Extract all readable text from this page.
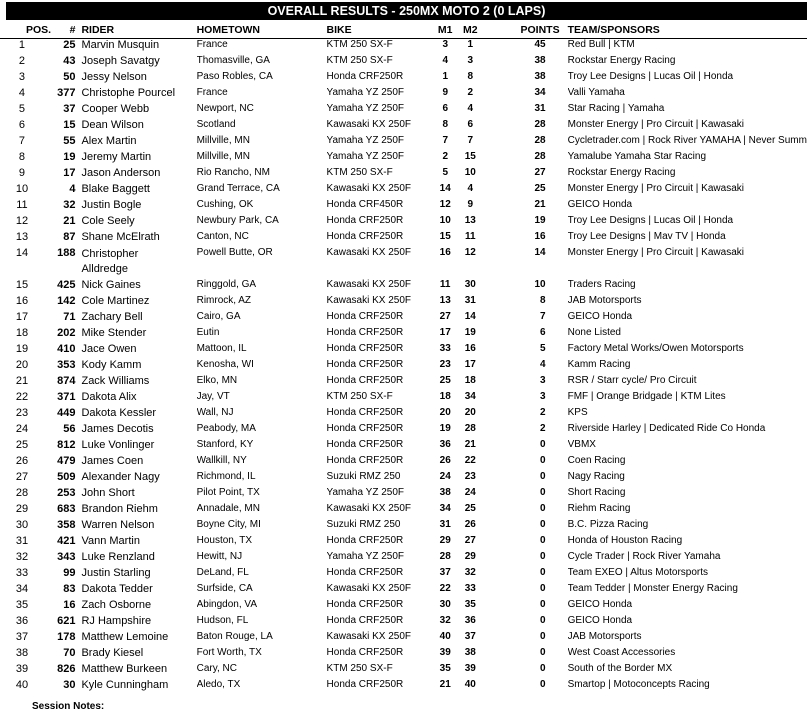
OVERALL RESULTS - 250MX MOTO 2 (0 LAPS)
POS.	#	RIDER	HOMETOWN	BIKE	M1	M2	POINTS	TEAM/SPONSORS
1	25	Marvin Musquin	France	KTM 250 SX-F	3	1	45	Red Bull | KTM
2	43	Joseph Savatgy	Thomasville, GA	KTM 250 SX-F	4	3	38	Rockstar Energy Racing
3	50	Jessy Nelson	Paso Robles, CA	Honda CRF250R	1	8	38	Troy Lee Designs | Lucas Oil | Honda
4	377	Christophe Pourcel	France	Yamaha YZ 250F	9	2	34	Valli Yamaha
5	37	Cooper Webb	Newport, NC	Yamaha YZ 250F	6	4	31	Star Racing | Yamaha
6	15	Dean Wilson	Scotland	Kawasaki KX 250F	8	6	28	Monster Energy | Pro Circuit | Kawasaki
7	55	Alex Martin	Millville, MN	Yamaha YZ 250F	7	7	28	Cycletrader.com | Rock River YAMAHA | Never Summ
8	19	Jeremy Martin	Millville, MN	Yamaha YZ 250F	2	15	28	Yamalube Yamaha Star Racing
9	17	Jason Anderson	Rio Rancho, NM	KTM 250 SX-F	5	10	27	Rockstar Energy Racing
10	4	Blake Baggett	Grand Terrace, CA	Kawasaki KX 250F	14	4	25	Monster Energy | Pro Circuit | Kawasaki
11	32	Justin Bogle	Cushing, OK	Honda CRF450R	12	9	21	GEICO Honda
12	21	Cole Seely	Newbury Park, CA	Honda CRF250R	10	13	19	Troy Lee Designs | Lucas Oil | Honda
13	87	Shane McElrath	Canton, NC	Honda CRF250R	15	11	16	Troy Lee Designs | Mav TV | Honda
14	188	Christopher Alldredge	Powell Butte, OR	Kawasaki KX 250F	16	12	14	Monster Energy | Pro Circuit | Kawasaki
15	425	Nick Gaines	Ringgold, GA	Kawasaki KX 250F	11	30	10	Traders Racing
16	142	Cole Martinez	Rimrock, AZ	Kawasaki KX 250F	13	31	8	JAB Motorsports
17	71	Zachary Bell	Cairo, GA	Honda CRF250R	27	14	7	GEICO Honda
18	202	Mike Stender	Eutin	Honda CRF250R	17	19	6	None Listed
19	410	Jace Owen	Mattoon, IL	Honda CRF250R	33	16	5	Factory Metal Works/Owen Motorsports
20	353	Kody Kamm	Kenosha, WI	Honda CRF250R	23	17	4	Kamm Racing
21	874	Zack Williams	Elko, MN	Honda CRF250R	25	18	3	RSR / Starr cycle/ Pro Circuit
22	371	Dakota Alix	Jay, VT	KTM 250 SX-F	18	34	3	FMF | Orange Bridgade | KTM Lites
23	449	Dakota Kessler	Wall, NJ	Honda CRF250R	20	20	2	KPS
24	56	James Decotis	Peabody, MA	Honda CRF250R	19	28	2	Riverside Harley | Dedicated Ride Co Honda
25	812	Luke Vonlinger	Stanford, KY	Honda CRF250R	36	21	0	VBMX
26	479	James Coen	Wallkill, NY	Honda CRF250R	26	22	0	Coen Racing
27	509	Alexander Nagy	Richmond, IL	Suzuki RMZ 250	24	23	0	Nagy Racing
28	253	John Short	Pilot Point, TX	Yamaha YZ 250F	38	24	0	Short Racing
29	683	Brandon Riehm	Annadale, MN	Kawasaki KX 250F	34	25	0	Riehm Racing
30	358	Warren Nelson	Boyne City, MI	Suzuki RMZ 250	31	26	0	B.C. Pizza Racing
31	421	Vann Martin	Houston, TX	Honda CRF250R	29	27	0	Honda of Houston Racing
32	343	Luke Renzland	Hewitt, NJ	Yamaha YZ 250F	28	29	0	Cycle Trader | Rock River Yamaha
33	99	Justin Starling	DeLand, FL	Honda CRF250R	37	32	0	Team EXEO | Altus Motorsports
34	83	Dakota Tedder	Surfside, CA	Kawasaki KX 250F	22	33	0	Team Tedder | Monster Energy Racing
35	16	Zach Osborne	Abingdon, VA	Honda CRF250R	30	35	0	GEICO Honda
36	621	RJ Hampshire	Hudson, FL	Honda CRF250R	32	36	0	GEICO Honda
37	178	Matthew Lemoine	Baton Rouge, LA	Kawasaki KX 250F	40	37	0	JAB Motorsports
38	70	Brady Kiesel	Fort Worth, TX	Honda CRF250R	39	38	0	West Coast Accessories
39	826	Matthew Burkeen	Cary, NC	KTM 250 SX-F	35	39	0	South of the Border MX
40	30	Kyle Cunningham	Aledo, TX	Honda CRF250R	21	40	0	Smartop | Motoconcepts Racing
Session Notes:
